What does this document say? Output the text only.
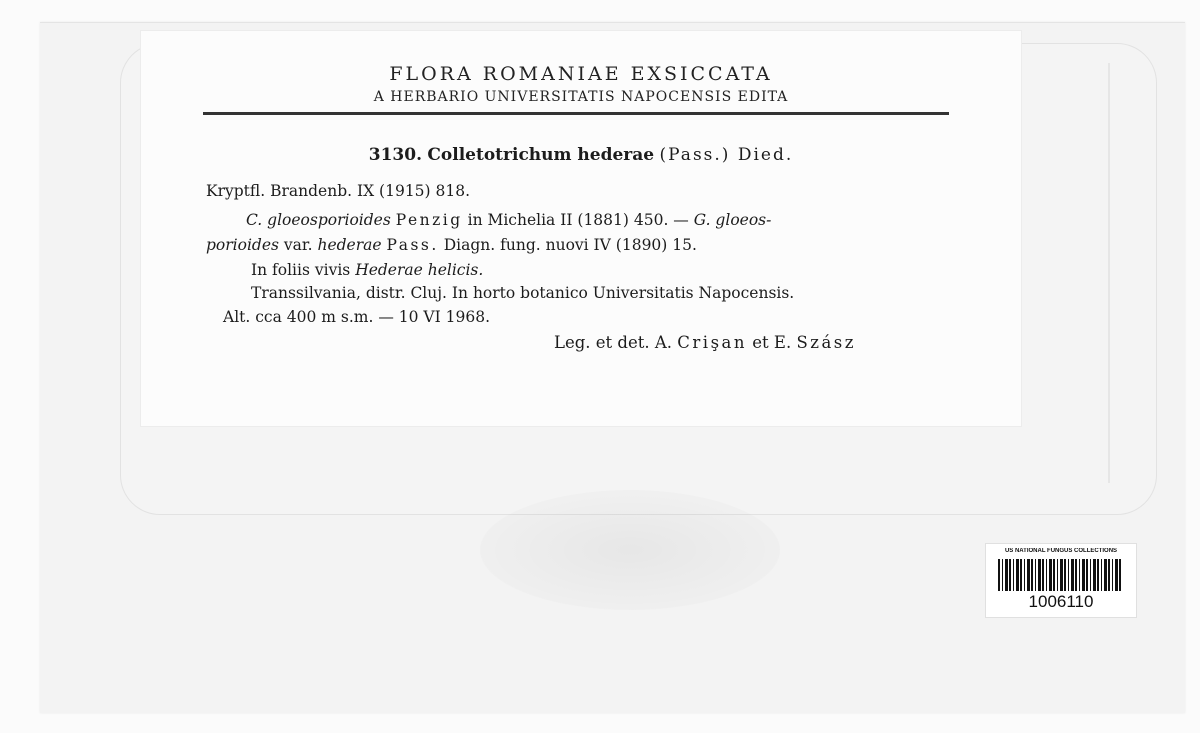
FLORA ROMANIAE EXSICCATA
A HERBARIO UNIVERSITATIS NAPOCENSIS EDITA
3130. Colletotrichum hederae (Pass.) Died.
Kryptfl. Brandenb. IX (1915) 818.
C. gloeosporioides Penzig in Michelia II (1881) 450. — G. gloeos-
porioides var. hederae Pass. Diagn. fung. nuovi IV (1890) 15.
In foliis vivis Hederae helicis.
Transsilvania, distr. Cluj. In horto botanico Universitatis Napocensis.
Alt. cca 400 m s.m. — 10 VI 1968.
Leg. et det. A. Crişan et E. Szász
US NATIONAL FUNGUS COLLECTIONS
1006110
